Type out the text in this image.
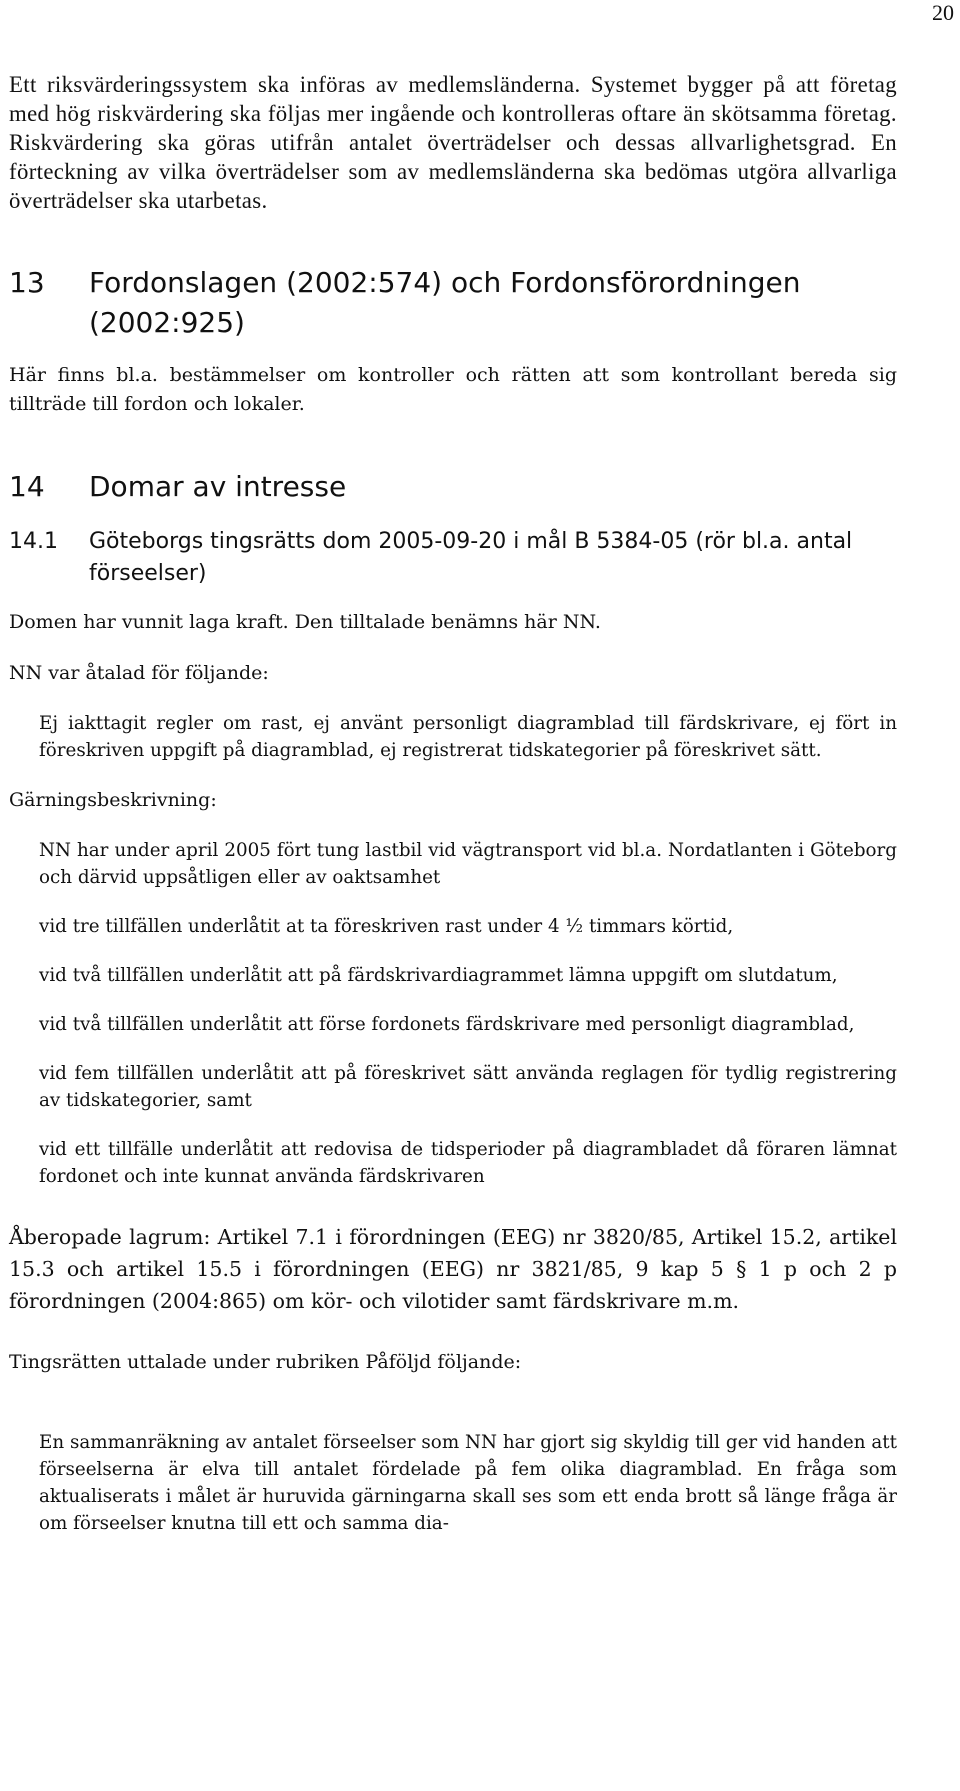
20

Ett riksvärderingssystem ska införas av medlemsländerna. Systemet bygger på att företag med hög riskvärdering ska följas mer ingående och kontrolleras oftare än skötsamma företag. Riskvärdering ska göras utifrån antalet överträdelser och dessas allvarlighetsgrad. En förteckning av vilka överträdelser som av medlemsländerna ska bedömas utgöra allvarliga överträdelser ska utarbetas.

13	Fordonslagen (2002:574) och Fordonsförordningen (2002:925)

Här finns bl.a. bestämmelser om kontroller och rätten att som kontrollant bereda sig tillträde till fordon och lokaler.

14	Domar av intresse
14.1	Göteborgs tingsrätts dom 2005-09-20 i mål B 5384-05 (rör bl.a. antal förseelser)

Domen har vunnit laga kraft. Den tilltalade benämns här NN.

NN var åtalad för följande:

Ej iakttagit regler om rast, ej använt personligt diagramblad till färdskrivare, ej fört in föreskriven uppgift på diagramblad, ej registrerat tidskategorier på föreskrivet sätt.

Gärningsbeskrivning:

NN har under april 2005 fört tung lastbil vid vägtransport vid bl.a. Nordatlanten i Göteborg och därvid uppsåtligen eller av oaktsamhet

vid tre tillfällen underlåtit at ta föreskriven rast under 4 ½ timmars körtid,

vid två tillfällen underlåtit att på färdskrivardiagrammet lämna uppgift om slutdatum,

vid två tillfällen underlåtit att förse fordonets färdskrivare med personligt diagramblad,

vid fem tillfällen underlåtit att på föreskrivet sätt använda reglagen för tydlig registrering av tidskategorier, samt

vid ett tillfälle underlåtit att redovisa de tidsperioder på diagrambladet då föraren lämnat fordonet och inte kunnat använda färdskrivaren

Åberopade lagrum: Artikel 7.1 i förordningen (EEG) nr 3820/85, Artikel 15.2, artikel 15.3 och artikel 15.5 i förordningen (EEG) nr 3821/85, 9 kap 5 § 1 p och 2 p förordningen (2004:865) om kör- och vilotider samt färdskrivare m.m.

Tingsrätten uttalade under rubriken Påföljd följande:

En sammanräkning av antalet förseelser som NN har gjort sig skyldig till ger vid handen att förseelserna är elva till antalet fördelade på fem olika diagramblad. En fråga som aktualiserats i målet är huruvida gärningarna skall ses som ett enda brott så länge fråga är om förseelser knutna till ett och samma dia-
